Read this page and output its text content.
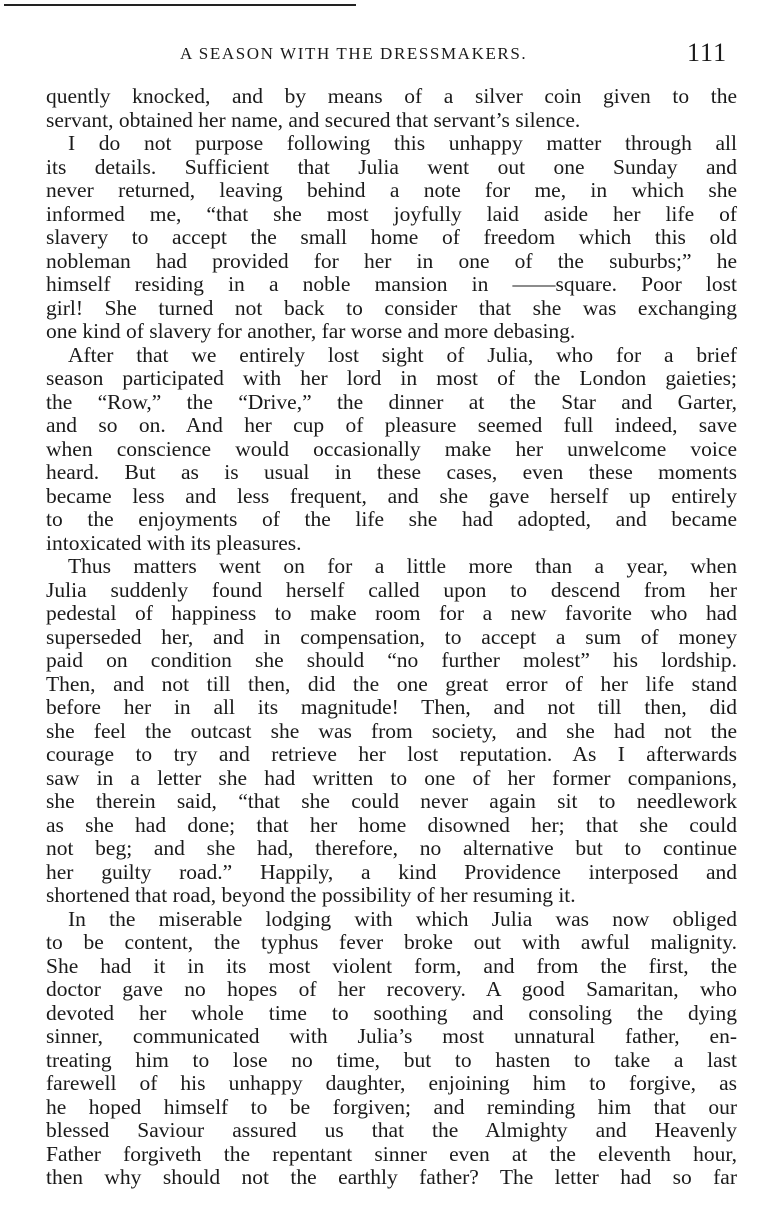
A SEASON WITH THE DRESSMAKERS.	111
quently knocked, and by means of a silver coin given to the
servant, obtained her name, and secured that servant’s silence.
I do not purpose following this unhappy matter through all
its details. Sufficient that Julia went out one Sunday and
never returned, leaving behind a note for me, in which she
informed me, “that she most joyfully laid aside her life of
slavery to accept the small home of freedom which this old
nobleman had provided for her in one of the suburbs;” he
himself residing in a noble mansion in ——square. Poor lost
girl! She turned not back to consider that she was exchanging
one kind of slavery for another, far worse and more debasing.
After that we entirely lost sight of Julia, who for a brief
season participated with her lord in most of the London gaieties;
the “Row,” the “Drive,” the dinner at the Star and Garter,
and so on. And her cup of pleasure seemed full indeed, save
when conscience would occasionally make her unwelcome voice
heard. But as is usual in these cases, even these moments
became less and less frequent, and she gave herself up entirely
to the enjoyments of the life she had adopted, and became
intoxicated with its pleasures.
Thus matters went on for a little more than a year, when
Julia suddenly found herself called upon to descend from her
pedestal of happiness to make room for a new favorite who had
superseded her, and in compensation, to accept a sum of money
paid on condition she should “no further molest” his lordship.
Then, and not till then, did the one great error of her life stand
before her in all its magnitude! Then, and not till then, did
she feel the outcast she was from society, and she had not the
courage to try and retrieve her lost reputation. As I afterwards
saw in a letter she had written to one of her former companions,
she therein said, “that she could never again sit to needlework
as she had done; that her home disowned her; that she could
not beg; and she had, therefore, no alternative but to continue
her guilty road.” Happily, a kind Providence interposed and
shortened that road, beyond the possibility of her resuming it.
In the miserable lodging with which Julia was now obliged
to be content, the typhus fever broke out with awful malignity.
She had it in its most violent form, and from the first, the
doctor gave no hopes of her recovery. A good Samaritan, who
devoted her whole time to soothing and consoling the dying
sinner, communicated with Julia’s most unnatural father, en-
treating him to lose no time, but to hasten to take a last
farewell of his unhappy daughter, enjoining him to forgive, as
he hoped himself to be forgiven; and reminding him that our
blessed Saviour assured us that the Almighty and Heavenly
Father forgiveth the repentant sinner even at the eleventh hour,
then why should not the earthly father? The letter had so far
